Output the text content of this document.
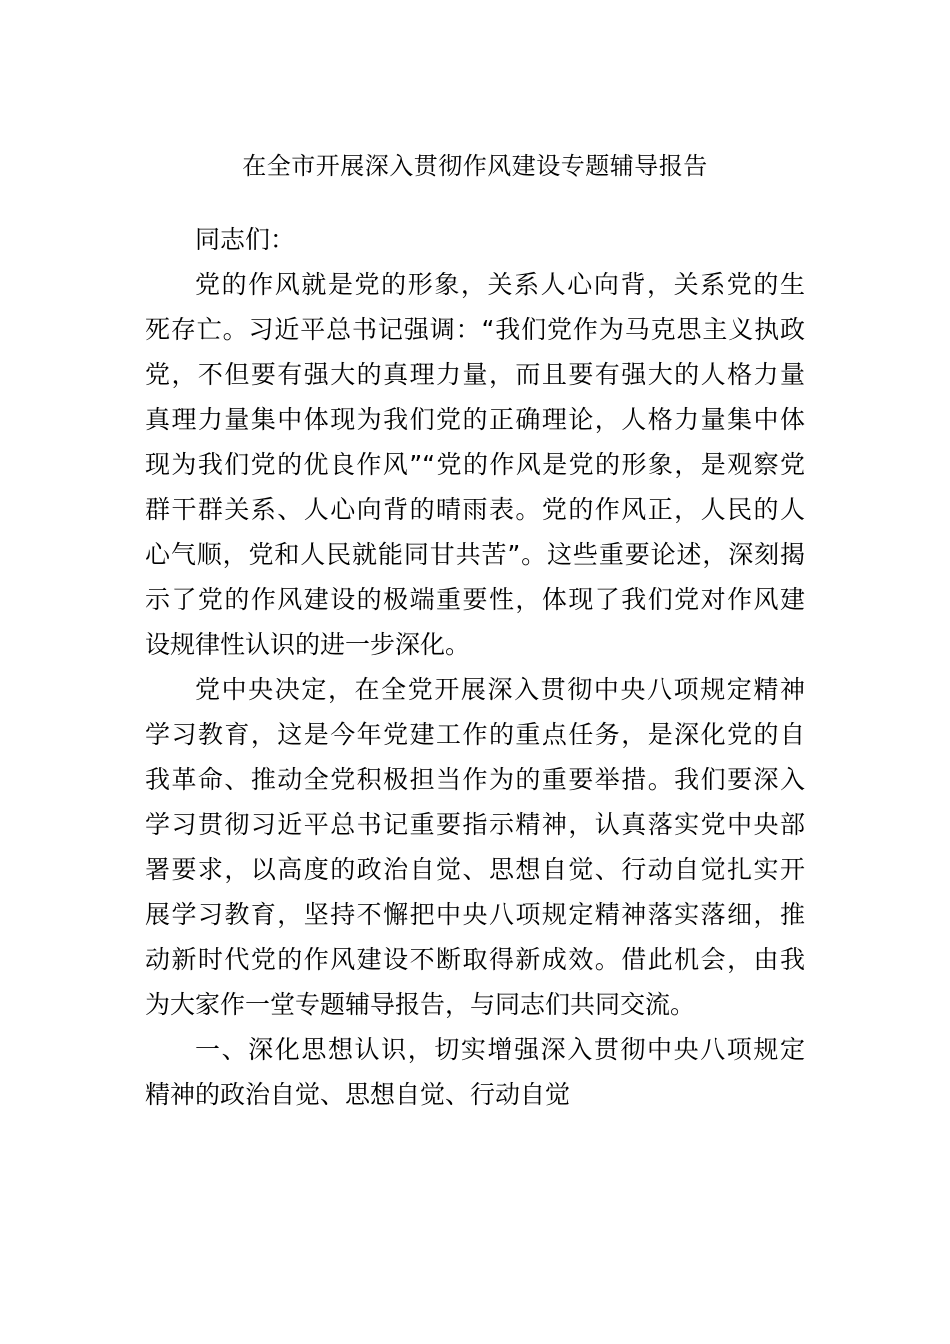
在全市开展深入贯彻作风建设专题辅导报告

同志们：

党的作风就是党的形象，关系人心向背，关系党的生

死存亡。习近平总书记强调：“我们党作为马克思主义执政

党，不但要有强大的真理力量，而且要有强大的人格力量

真理力量集中体现为我们党的正确理论，人格力量集中体

现为我们党的优良作风”“党的作风是党的形象，是观察党

群干群关系、人心向背的晴雨表。党的作风正，人民的人

心气顺，党和人民就能同甘共苦”。这些重要论述，深刻揭

示了党的作风建设的极端重要性，体现了我们党对作风建

设规律性认识的进一步深化。

党中央决定，在全党开展深入贯彻中央八项规定精神

学习教育，这是今年党建工作的重点任务，是深化党的自

我革命、推动全党积极担当作为的重要举措。我们要深入

学习贯彻习近平总书记重要指示精神，认真落实党中央部

署要求，以高度的政治自觉、思想自觉、行动自觉扎实开

展学习教育，坚持不懈把中央八项规定精神落实落细，推

动新时代党的作风建设不断取得新成效。借此机会，由我

为大家作一堂专题辅导报告，与同志们共同交流。

一、深化思想认识，切实增强深入贯彻中央八项规定

精神的政治自觉、思想自觉、行动自觉
